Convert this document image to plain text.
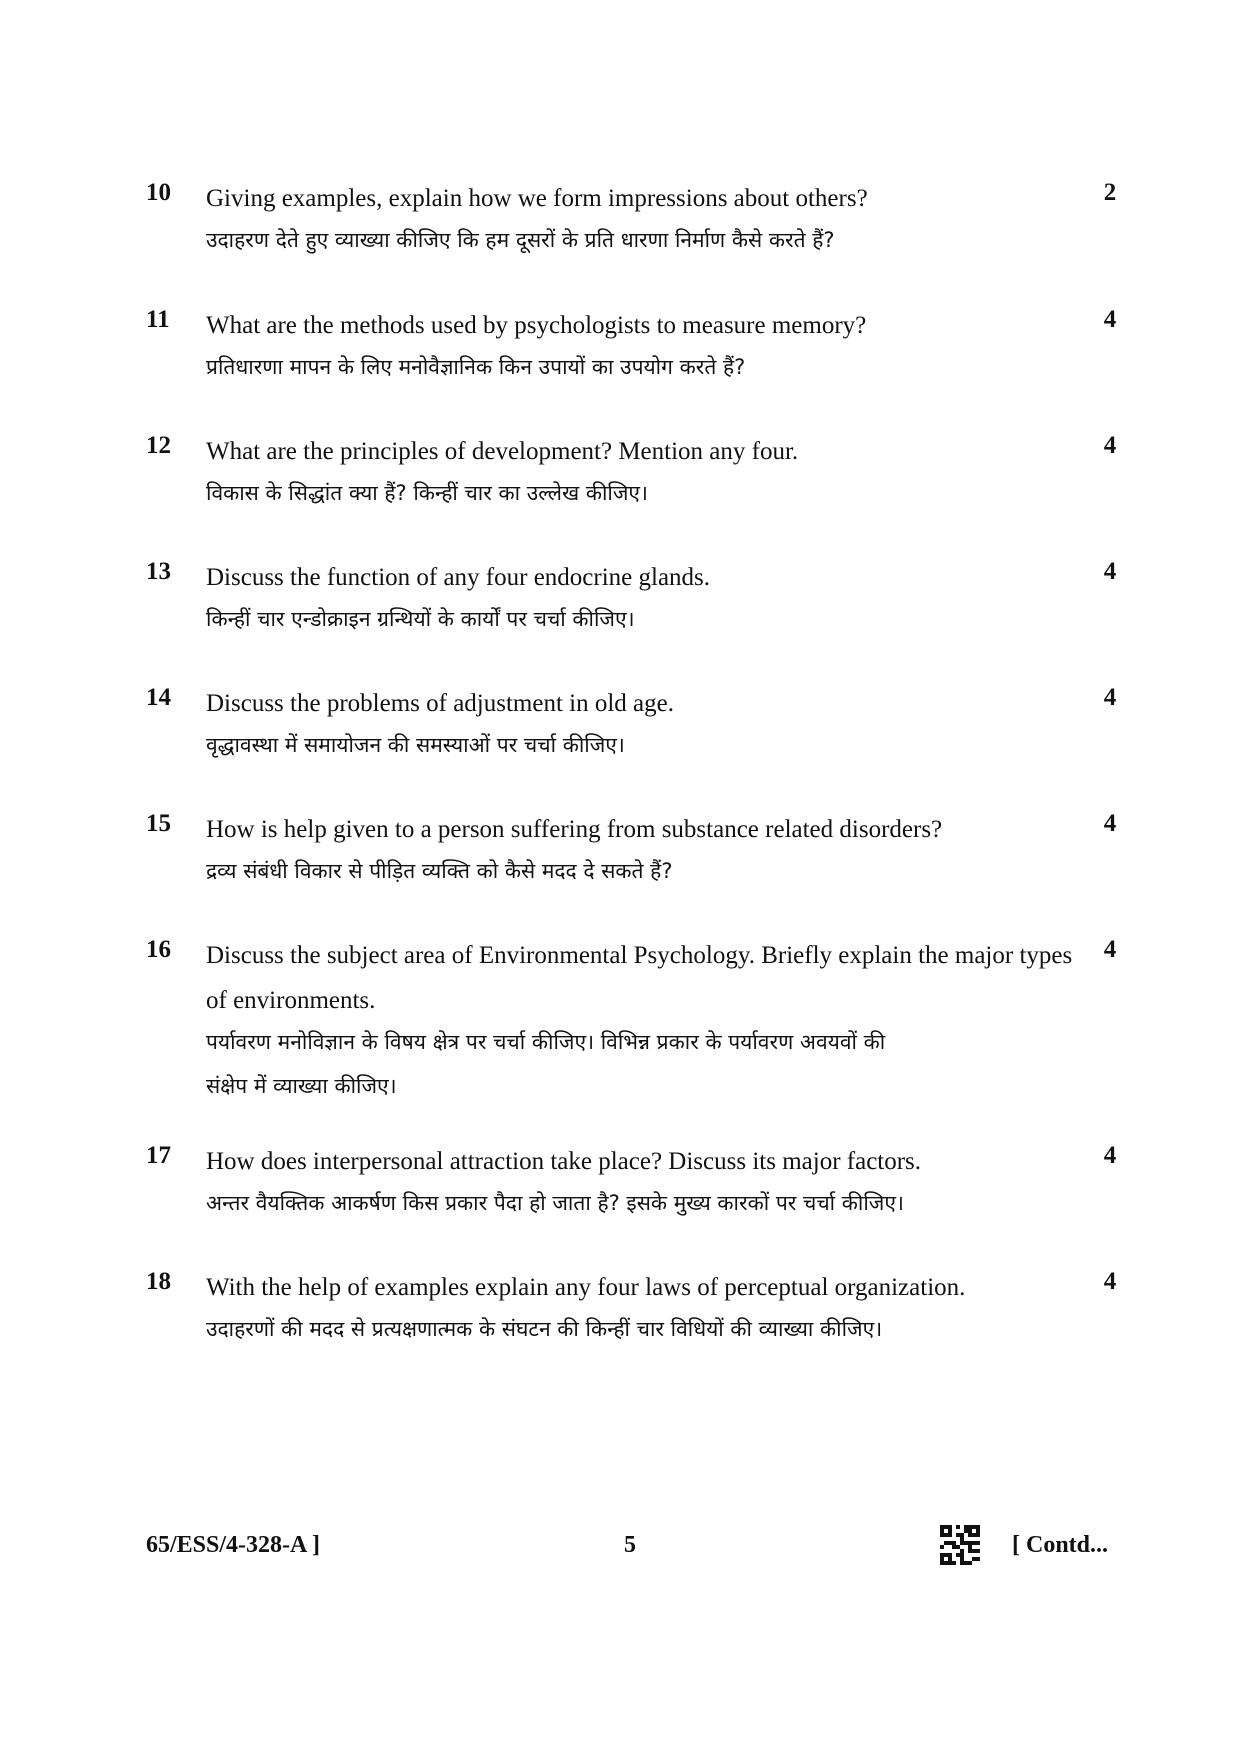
10 Giving examples, explain how we form impressions about others?
उदाहरण देते हुए व्याख्या कीजिए कि हम दूसरों के प्रति धारणा निर्माण कैसे करते हैं?
2
11 What are the methods used by psychologists to measure memory?
प्रतिधारणा मापन के लिए मनोवैज्ञानिक किन उपायों का उपयोग करते हैं?
4
12 What are the principles of development? Mention any four.
विकास के सिद्धांत क्या हैं? किन्हीं चार का उल्लेख कीजिए।
4
13 Discuss the function of any four endocrine glands.
किन्हीं चार एन्डोक्राइन ग्रन्थियों के कार्यों पर चर्चा कीजिए।
4
14 Discuss the problems of adjustment in old age.
वृद्धावस्था में समायोजन की समस्याओं पर चर्चा कीजिए।
4
15 How is help given to a person suffering from substance related disorders?
द्रव्य संबंधी विकार से पीड़ित व्यक्ति को कैसे मदद दे सकते हैं?
4
16 Discuss the subject area of Environmental Psychology. Briefly explain the major types of environments.
पर्यावरण मनोविज्ञान के विषय क्षेत्र पर चर्चा कीजिए। विभिन्न प्रकार के पर्यावरण अवयवों की
संक्षेप में व्याख्या कीजिए।
4
17 How does interpersonal attraction take place? Discuss its major factors.
अन्तर वैयक्तिक आकर्षण किस प्रकार पैदा हो जाता है? इसके मुख्य कारकों पर चर्चा कीजिए।
4
18 With the help of examples explain any four laws of perceptual organization.
उदाहरणों की मदद से प्रत्यक्षणात्मक के संघटन की किन्हीं चार विधियों की व्याख्या कीजिए।
4
65/ESS/4-328-A ]	5	[ Contd...
